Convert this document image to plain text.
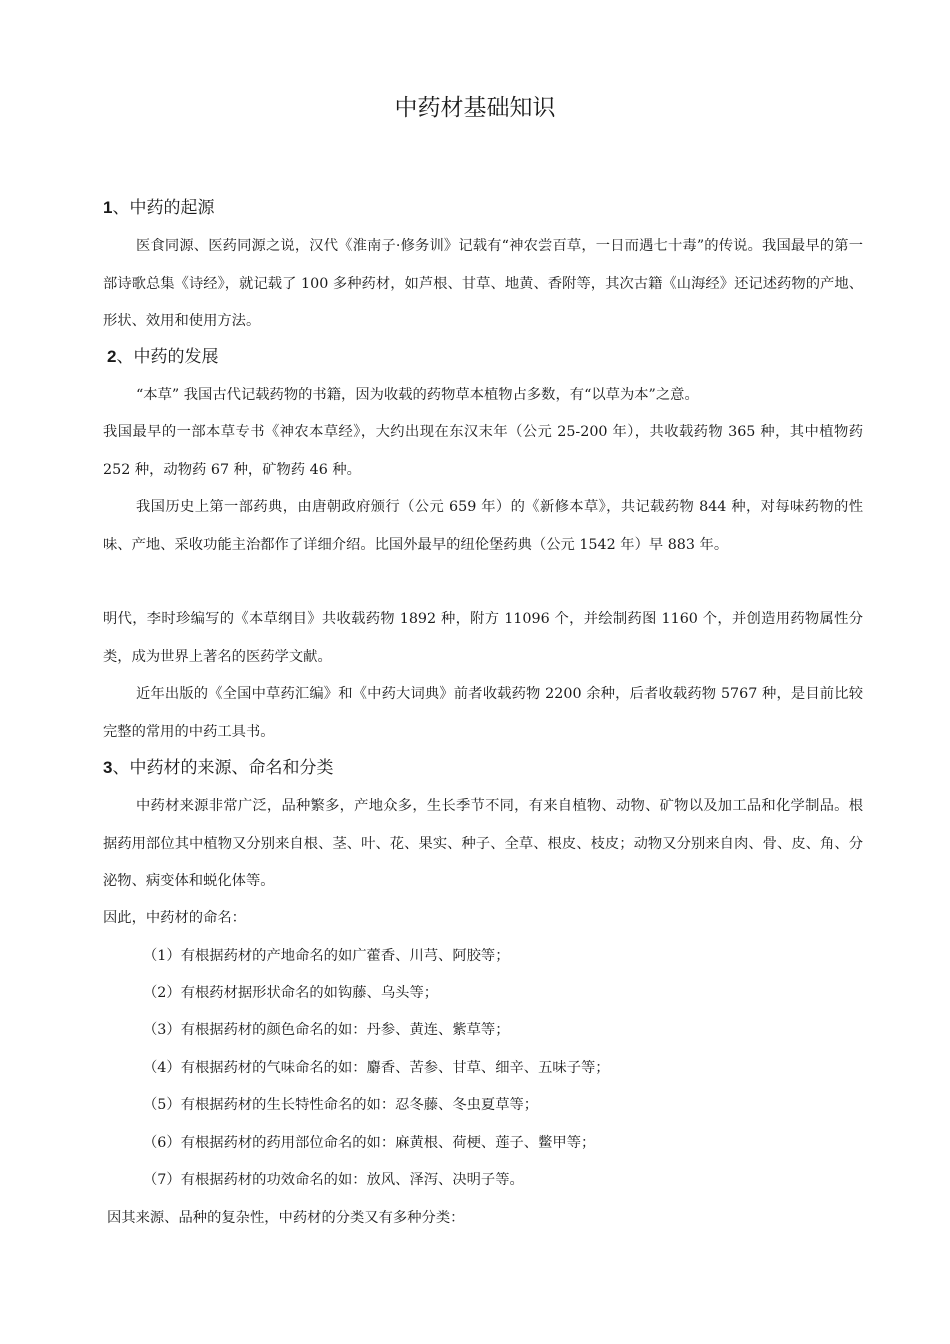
中药材基础知识
1、中药的起源

医食同源、医药同源之说，汉代《淮南子·修务训》记载有“神农尝百草，一日而遇七十毒”的传说。我国最早的第一部诗歌总集《诗经》，就记载了 100 多种药材，如芦根、甘草、地黄、香附等，其次古籍《山海经》还记述药物的产地、形状、效用和使用方法。

2、中药的发展

“本草” 我国古代记载药物的书籍，因为收载的药物草本植物占多数，有“以草为本”之意。

我国最早的一部本草专书《神农本草经》，大约出现在东汉末年（公元 25-200 年），共收载药物 365 种，其中植物药 252 种，动物药 67 种，矿物药 46 种。

我国历史上第一部药典，由唐朝政府颁行（公元 659 年）的《新修本草》，共记载药物 844 种，对每味药物的性味、产地、采收功能主治都作了详细介绍。比国外最早的纽伦堡药典（公元 1542 年）早 883 年。

明代，李时珍编写的《本草纲目》共收载药物 1892 种，附方 11096 个，并绘制药图 1160 个，并创造用药物属性分类，成为世界上著名的医药学文献。

近年出版的《全国中草药汇编》和《中药大词典》前者收载药物 2200 余种，后者收载药物 5767 种，是目前比较完整的常用的中药工具书。

3、中药材的来源、命名和分类

中药材来源非常广泛，品种繁多，产地众多，生长季节不同，有来自植物、动物、矿物以及加工品和化学制品。根据药用部位其中植物又分别来自根、茎、叶、花、果实、种子、全草、根皮、枝皮；动物又分别来自肉、骨、皮、角、分泌物、病变体和蜕化体等。

因此，中药材的命名：

（1）有根据药材的产地命名的如广藿香、川芎、阿胶等；

（2）有根药材据形状命名的如钩藤、乌头等；

（3）有根据药材的颜色命名的如：丹参、黄连、紫草等；

（4）有根据药材的气味命名的如：麝香、苦参、甘草、细辛、五味子等；

（5）有根据药材的生长特性命名的如：忍冬藤、冬虫夏草等；

（6）有根据药材的药用部位命名的如：麻黄根、荷梗、莲子、鳖甲等；

（7）有根据药材的功效命名的如：放风、泽泻、决明子等。

因其来源、品种的复杂性，中药材的分类又有多种分类：
